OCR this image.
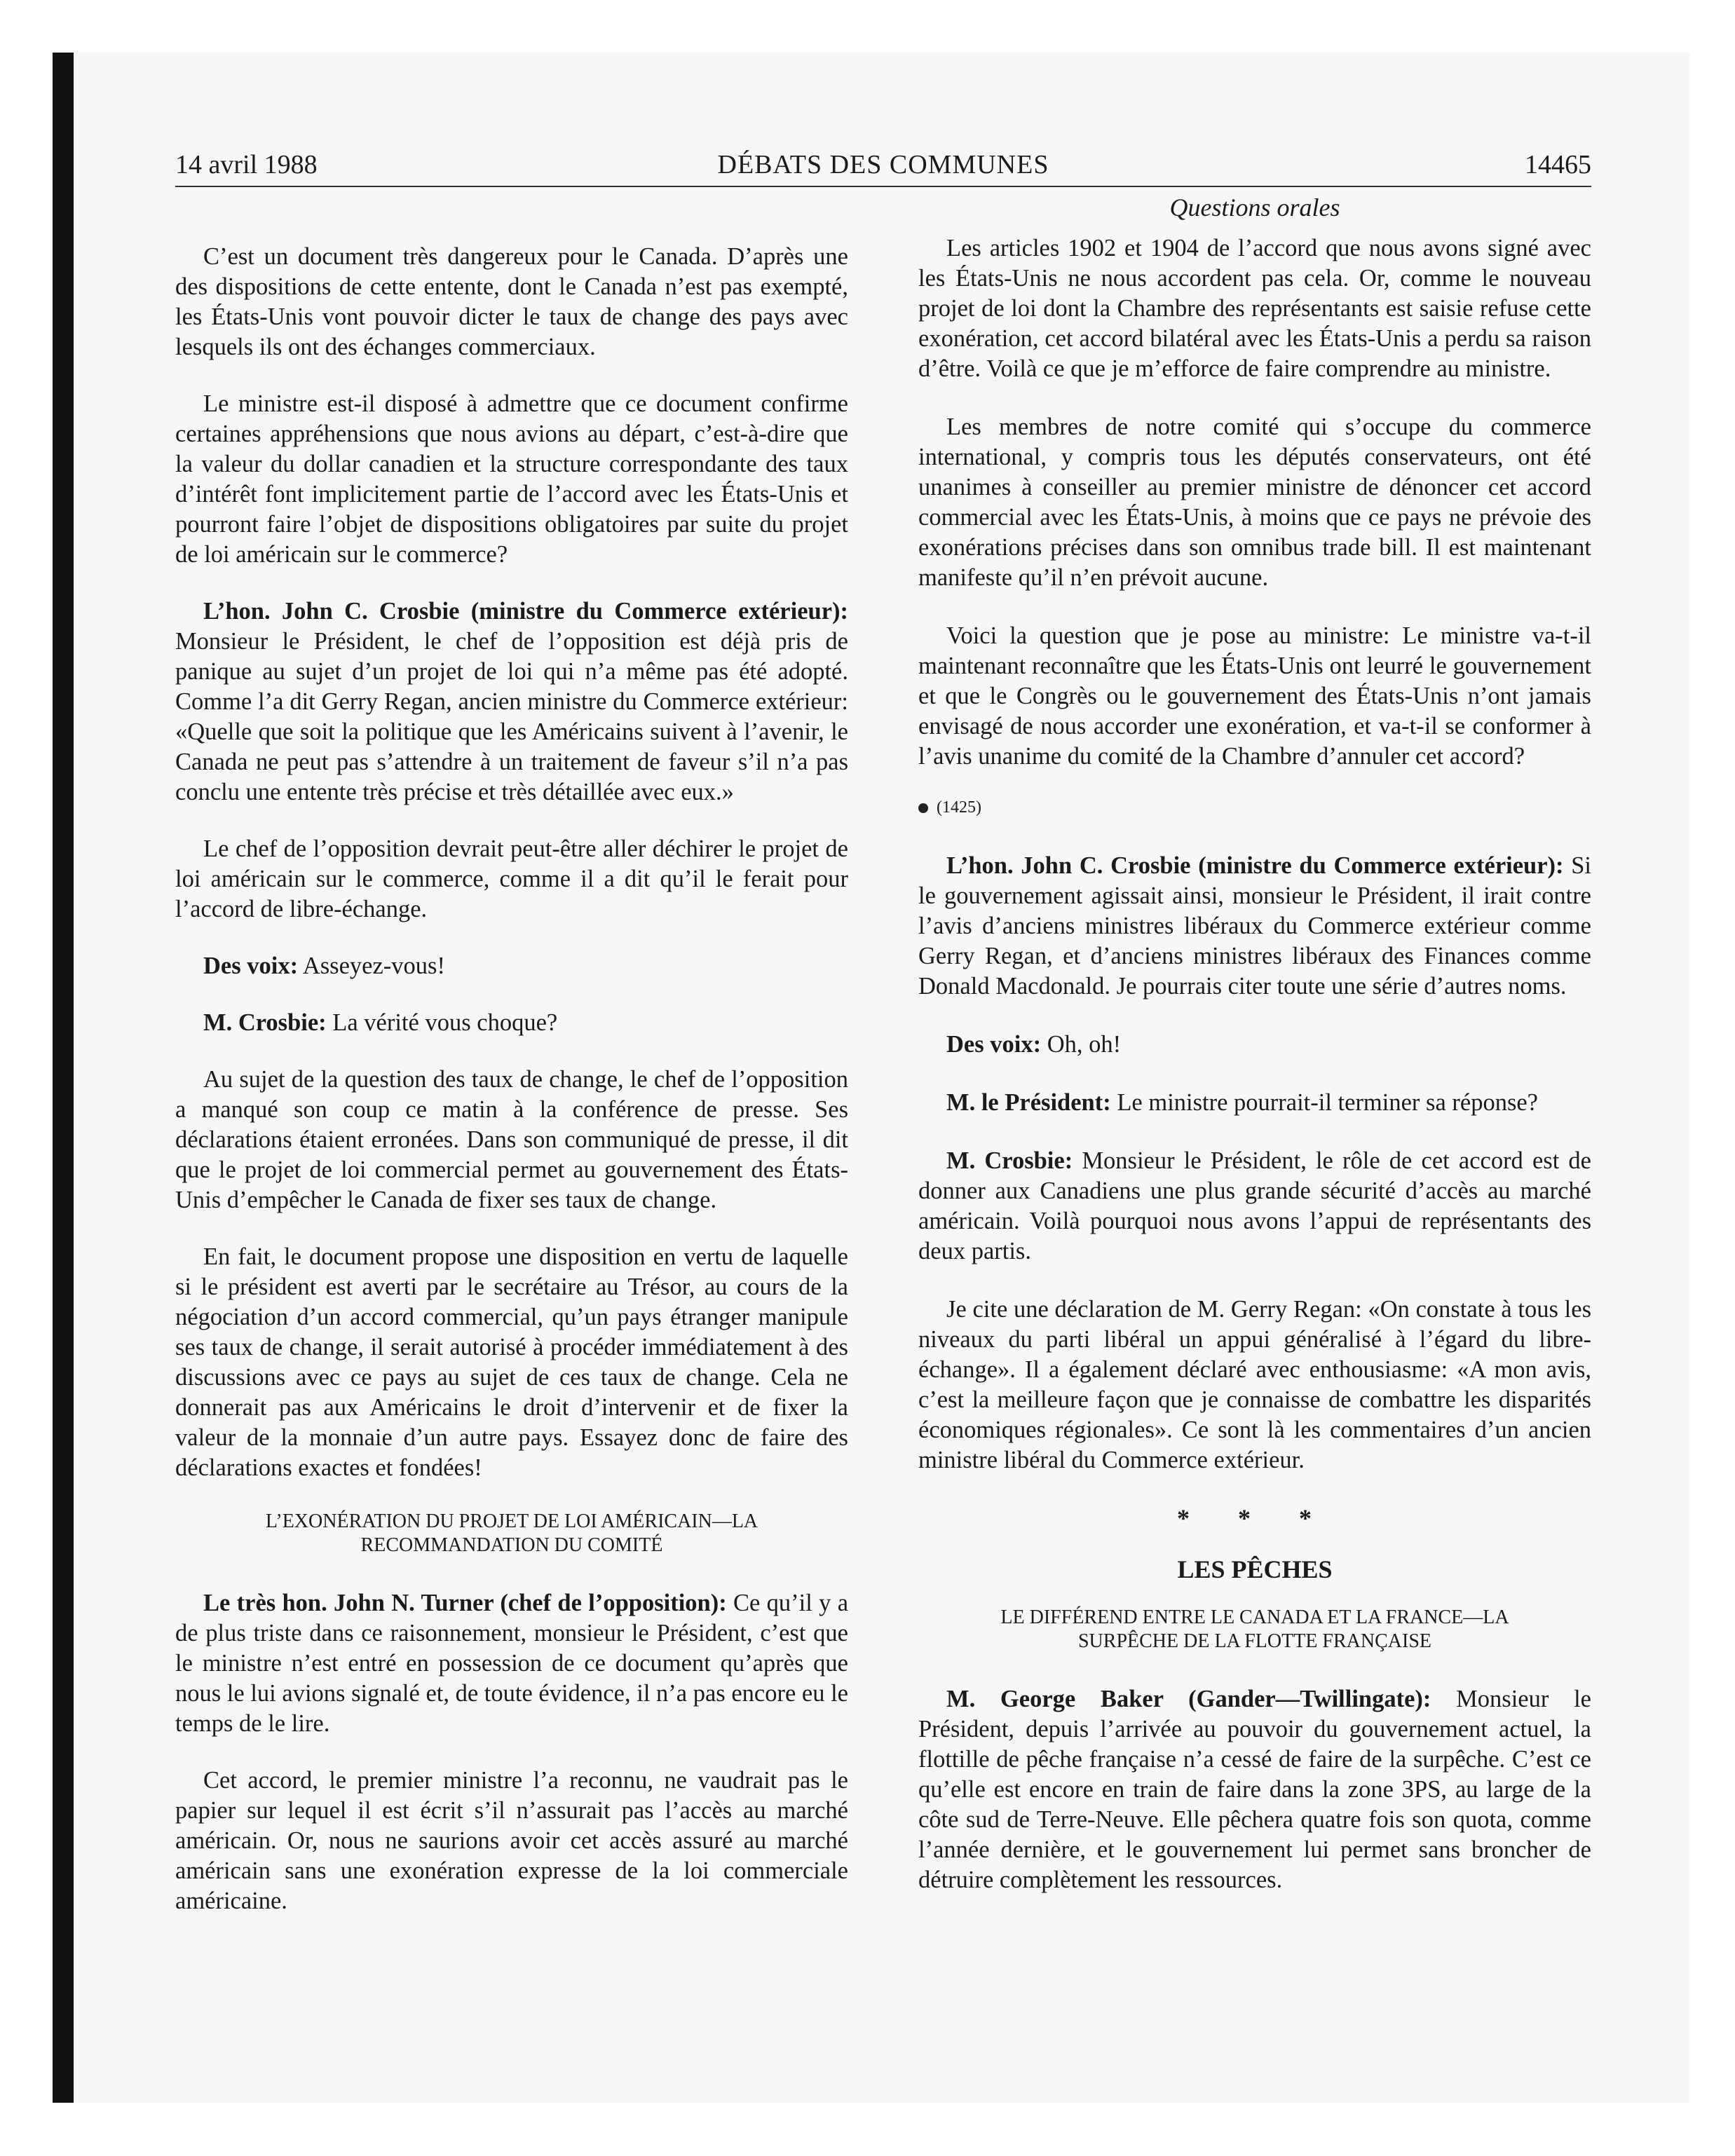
14 avril 1988	DÉBATS DES COMMUNES	14465

C’est un document très dangereux pour le Canada. D’après une des dispositions de cette entente, dont le Canada n’est pas exempté, les États-Unis vont pouvoir dicter le taux de change des pays avec lesquels ils ont des échanges commerciaux.

Le ministre est-il disposé à admettre que ce document confirme certaines appréhensions que nous avions au départ, c’est-à-dire que la valeur du dollar canadien et la structure correspondante des taux d’intérêt font implicitement partie de l’accord avec les États-Unis et pourront faire l’objet de dispositions obligatoires par suite du projet de loi américain sur le commerce?

L’hon. John C. Crosbie (ministre du Commerce extérieur): Monsieur le Président, le chef de l’opposition est déjà pris de panique au sujet d’un projet de loi qui n’a même pas été adopté. Comme l’a dit Gerry Regan, ancien ministre du Commerce extérieur: «Quelle que soit la politique que les Américains suivent à l’avenir, le Canada ne peut pas s’attendre à un traitement de faveur s’il n’a pas conclu une entente très précise et très détaillée avec eux.»

Le chef de l’opposition devrait peut-être aller déchirer le projet de loi américain sur le commerce, comme il a dit qu’il le ferait pour l’accord de libre-échange.

Des voix: Asseyez-vous!

M. Crosbie: La vérité vous choque?

Au sujet de la question des taux de change, le chef de l’opposition a manqué son coup ce matin à la conférence de presse. Ses déclarations étaient erronées. Dans son communiqué de presse, il dit que le projet de loi commercial permet au gouvernement des États-Unis d’empêcher le Canada de fixer ses taux de change.

En fait, le document propose une disposition en vertu de laquelle si le président est averti par le secrétaire au Trésor, au cours de la négociation d’un accord commercial, qu’un pays étranger manipule ses taux de change, il serait autorisé à procéder immédiatement à des discussions avec ce pays au sujet de ces taux de change. Cela ne donnerait pas aux Américains le droit d’intervenir et de fixer la valeur de la monnaie d’un autre pays. Essayez donc de faire des déclarations exactes et fondées!

L’EXONÉRATION DU PROJET DE LOI AMÉRICAIN—LA
RECOMMANDATION DU COMITÉ

Le très hon. John N. Turner (chef de l’opposition): Ce qu’il y a de plus triste dans ce raisonnement, monsieur le Président, c’est que le ministre n’est entré en possession de ce document qu’après que nous le lui avions signalé et, de toute évidence, il n’a pas encore eu le temps de le lire.

Cet accord, le premier ministre l’a reconnu, ne vaudrait pas le papier sur lequel il est écrit s’il n’assurait pas l’accès au marché américain. Or, nous ne saurions avoir cet accès assuré au marché américain sans une exonération expresse de la loi commerciale américaine.

Questions orales

Les articles 1902 et 1904 de l’accord que nous avons signé avec les États-Unis ne nous accordent pas cela. Or, comme le nouveau projet de loi dont la Chambre des représentants est saisie refuse cette exonération, cet accord bilatéral avec les États-Unis a perdu sa raison d’être. Voilà ce que je m’efforce de faire comprendre au ministre.

Les membres de notre comité qui s’occupe du commerce international, y compris tous les députés conservateurs, ont été unanimes à conseiller au premier ministre de dénoncer cet accord commercial avec les États-Unis, à moins que ce pays ne prévoie des exonérations précises dans son omnibus trade bill. Il est maintenant manifeste qu’il n’en prévoit aucune.

Voici la question que je pose au ministre: Le ministre va-t-il maintenant reconnaître que les États-Unis ont leurré le gouvernement et que le Congrès ou le gouvernement des États-Unis n’ont jamais envisagé de nous accorder une exonération, et va-t-il se conformer à l’avis unanime du comité de la Chambre d’annuler cet accord?

(1425)

L’hon. John C. Crosbie (ministre du Commerce extérieur): Si le gouvernement agissait ainsi, monsieur le Président, il irait contre l’avis d’anciens ministres libéraux du Commerce extérieur comme Gerry Regan, et d’anciens ministres libéraux des Finances comme Donald Macdonald. Je pourrais citer toute une série d’autres noms.

Des voix: Oh, oh!

M. le Président: Le ministre pourrait-il terminer sa réponse?

M. Crosbie: Monsieur le Président, le rôle de cet accord est de donner aux Canadiens une plus grande sécurité d’accès au marché américain. Voilà pourquoi nous avons l’appui de représentants des deux partis.

Je cite une déclaration de M. Gerry Regan: «On constate à tous les niveaux du parti libéral un appui généralisé à l’égard du libre-échange». Il a également déclaré avec enthousiasme: «A mon avis, c’est la meilleure façon que je connaisse de combattre les disparités économiques régionales». Ce sont là les commentaires d’un ancien ministre libéral du Commerce extérieur.

* * *
LES PÊCHES
LE DIFFÉREND ENTRE LE CANADA ET LA FRANCE—LA
SURPÊCHE DE LA FLOTTE FRANÇAISE

M. George Baker (Gander—Twillingate): Monsieur le Président, depuis l’arrivée au pouvoir du gouvernement actuel, la flottille de pêche française n’a cessé de faire de la surpêche. C’est ce qu’elle est encore en train de faire dans la zone 3PS, au large de la côte sud de Terre-Neuve. Elle pêchera quatre fois son quota, comme l’année dernière, et le gouvernement lui permet sans broncher de détruire complètement les ressources.
